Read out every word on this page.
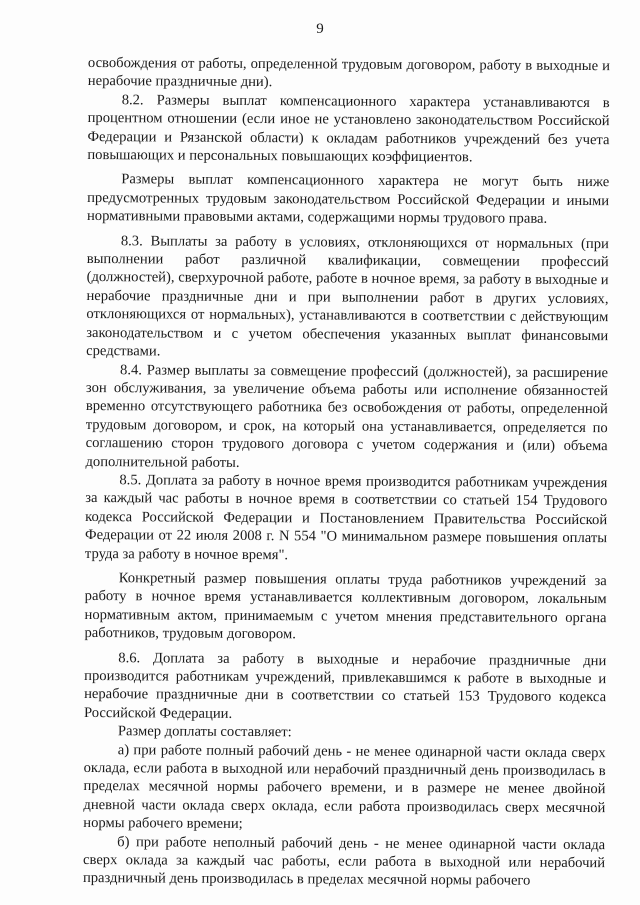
9

освобождения от работы, определенной трудовым договором, работу в выходные и нерабочие праздничные дни).

8.2. Размеры выплат компенсационного характера устанавливаются в процентном отношении (если иное не установлено законодательством Российской Федерации и Рязанской области) к окладам работников учреждений без учета повышающих и персональных повышающих коэффициентов.

Размеры выплат компенсационного характера не могут быть ниже предусмотренных трудовым законодательством Российской Федерации и иными нормативными правовыми актами, содержащими нормы трудового права.

8.3. Выплаты за работу в условиях, отклоняющихся от нормальных (при выполнении работ различной квалификации, совмещении профессий (должностей), сверхурочной работе, работе в ночное время, за работу в выходные и нерабочие праздничные дни и при выполнении работ в других условиях, отклоняющихся от нормальных), устанавливаются в соответствии с действующим законодательством и с учетом обеспечения указанных выплат финансовыми средствами.

8.4. Размер выплаты за совмещение профессий (должностей), за расширение зон обслуживания, за увеличение объема работы или исполнение обязанностей временно отсутствующего работника без освобождения от работы, определенной трудовым договором, и срок, на который она устанавливается, определяется по соглашению сторон трудового договора с учетом содержания и (или) объема дополнительной работы.

8.5. Доплата за работу в ночное время производится работникам учреждения за каждый час работы в ночное время в соответствии со статьей 154 Трудового кодекса Российской Федерации и Постановлением Правительства Российской Федерации от 22 июля 2008 г. N 554 "О минимальном размере повышения оплаты труда за работу в ночное время".

Конкретный размер повышения оплаты труда работников учреждений за работу в ночное время устанавливается коллективным договором, локальным нормативным актом, принимаемым с учетом мнения представительного органа работников, трудовым договором.

8.6. Доплата за работу в выходные и нерабочие праздничные дни производится работникам учреждений, привлекавшимся к работе в выходные и нерабочие праздничные дни в соответствии со статьей 153 Трудового кодекса Российской Федерации.

Размер доплаты составляет:

а) при работе полный рабочий день - не менее одинарной части оклада сверх оклада, если работа в выходной или нерабочий праздничный день производилась в пределах месячной нормы рабочего времени, и в размере не менее двойной дневной части оклада сверх оклада, если работа производилась сверх месячной нормы рабочего времени;

б) при работе неполный рабочий день - не менее одинарной части оклада сверх оклада за каждый час работы, если работа в выходной или нерабочий праздничный день производилась в пределах месячной нормы рабочего
